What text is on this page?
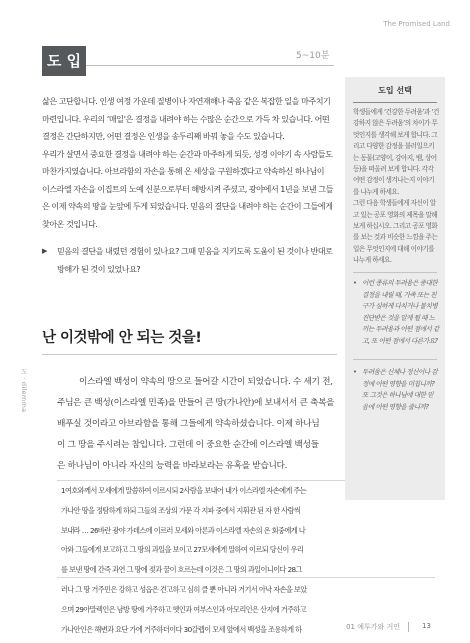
The Promised Land
도 입	5~10분
삶은 고단합니다. 인생 여정 가운데 질병이나 자연재해나 죽음 같은 복잡한 일을 마주치기
마련입니다. 우리의 ‘매일’은 결정을 내려야 하는 수많은 순간으로 가득 차 있습니다. 어떤
결정은 간단하지만, 어떤 결정은 인생을 송두리째 바꿔 놓을 수도 있습니다.
우리가 살면서 중요한 결정을 내려야 하는 순간과 마주하게 되듯, 성경 이야기 속 사람들도
마찬가지였습니다. 아브라함의 자손을 통해 온 세상을 구원하겠다고 약속하신 하나님이
이스라엘 자손을 이집트의 노예 신분으로부터 해방시켜 주셨고, 광야에서 1년을 보낸 그들
은 이제 약속의 땅을 눈앞에 두게 되었습니다. 믿음의 결단을 내려야 하는 순간이 그들에게
찾아온 것입니다.
▶	믿음의 결단을 내렸던 경험이 있나요? 그때 믿음을 지키도록 도움이 된 것이나 반대로
방해가 된 것이 있었나요?
난 이것밖에 안 되는 것을!
도 ⋅ dilemma	이스라엘 백성이 약속의 땅으로 들어갈 시간이 되었습니다. 수 세기 전,
주님은 큰 백성(이스라엘 민족)을 만들어 큰 땅(가나안)에 보내서서 큰 축복을
배푸실 것이라고 아브라함을 통해 그들에게 약속하셨습니다. 이제 하나님
이 그 땅을 주시려는 참입니다. 그런데 이 중요한 순간에 이스라엘 백성들
은 하나님이 아니라 자신의 능력을 바라보라는 유혹을 받습니다.
1여호와께서 모세에게 말씀하여 이르시되 2사람을 보내어 내가 이스라엘 자손에게 주는
가나안 땅을 정탐하게 하되 그들의 조상의 가문 각 지파 중에서 지휘관 된 자 한 사람씩
보내라 … 26바란 광야 가데스에 이르러 모세와 아론과 이스라엘 자손의 온 회중에게 나
아와 그들에게 보고하고 그 땅의 과일을 보이고 27모세에게 말하여 이르되 당신이 우리
를 보낸 땅에 간즉 과연 그 땅에 젖과 꿀이 흐르는데 이것은 그 땅의 과일이니이다 28그
러나 그 땅 거주민은 강하고 성읍은 견고하고 심히 클 뿐 아니라 거기서 아낙 자손을 보았
으며 29아말렉인은 남방 땅에 거주하고 헷인과 여부스인과 아모리인은 산지에 거주하고
가나안인은 해변과 요단 가에 거주하더이다 30갈렙이 모세 앞에서 백성을 조용하게 하
도입 선택
학생들에게 ‘건강한 두려움’과 ‘건
강하지 않은 두려움’의 차이가 무
엇인지를 생각해 보게 합니다. 그
리고 다양한 감정을 불러일으키
는 동물(고양이, 강아지, 뱀, 상어
등)을 떠올려 보게 합니다. 각각
어떤 감정이 생겨나는지 이야기
를 나누게 하세요.
그런 다음 학생들에게 자신이 알
고 있는 공포 영화의 제목을 말해
보게 하십시오. 그리고 공포 영화
를 보는 것과 비슷한 느낌을 주는
일은 무엇인지에 대해 이야기를
나누게 하세요.
• 이런 종류의 두려움은 중대한
결정을 내릴 때, 가족 또는 친
구가 심하게 다치거나 불치병
진단받은 것을 알게 될 때 느
끼는 두려움과 어떤 점에서 같
고, 또 어떤 점에서 다른가요?
• 두려움은 신체나 정신이나 감
정에 어떤 영향을 미칩니까?
또 그것은 하나님에 대한 믿
음에 어떤 영향을 줍니까?
01 예투가와 거인	13
